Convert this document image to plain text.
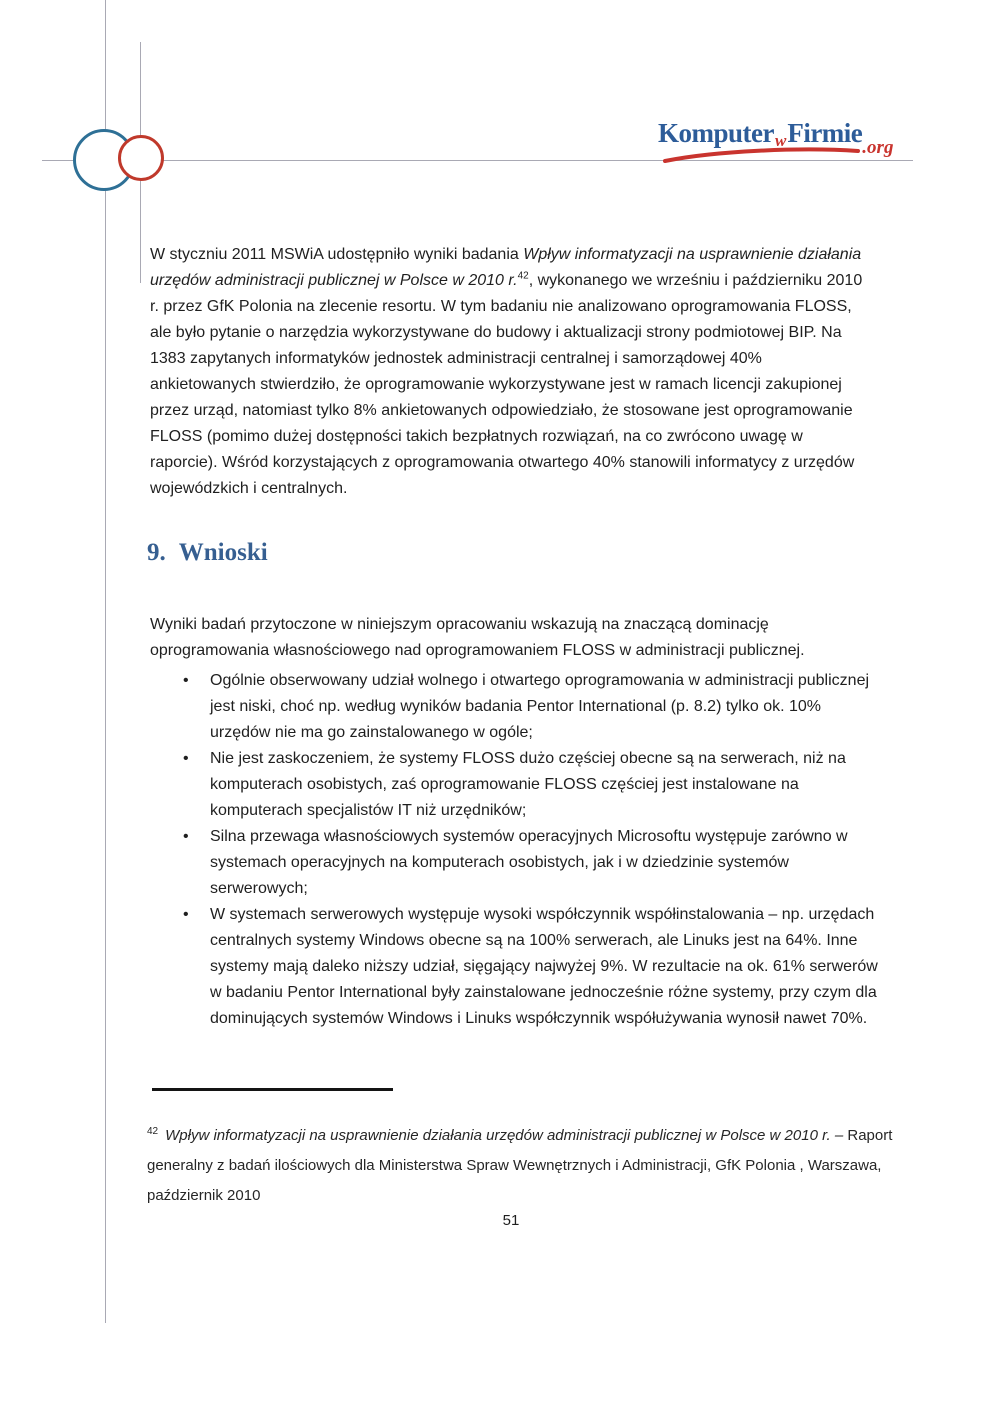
KomputerwFirmie.org

W styczniu 2011 MSWiA udostępniło wyniki badania Wpływ informatyzacji na usprawnienie działania urzędów administracji publicznej w Polsce w 2010 r.$^{42}$, wykonanego we wrześniu i październiku 2010 r. przez GfK Polonia na zlecenie resortu. W tym badaniu nie analizowano oprogramowania FLOSS, ale było pytanie o narzędzia wykorzystywane do budowy i aktualizacji strony podmiotowej BIP. Na 1383 zapytanych informatyków jednostek administracji centralnej i samorządowej 40% ankietowanych stwierdziło, że oprogramowanie wykorzystywane jest w ramach licencji zakupionej przez urząd, natomiast tylko 8% ankietowanych odpowiedziało, że stosowane jest oprogramowanie FLOSS (pomimo dużej dostępności takich bezpłatnych rozwiązań, na co zwrócono uwagę w raporcie). Wśród korzystających z oprogramowania otwartego 40% stanowili informatycy z urzędów wojewódzkich i centralnych.

9. Wnioski

Wyniki badań przytoczone w niniejszym opracowaniu wskazują na znaczącą dominację oprogramowania własnościowego nad oprogramowaniem FLOSS w administracji publicznej.

•	Ogólnie obserwowany udział wolnego i otwartego oprogramowania w administracji publicznej jest niski, choć np. według wyników badania Pentor International (p. 8.2) tylko ok. 10% urzędów nie ma go zainstalowanego w ogóle;
•	Nie jest zaskoczeniem, że systemy FLOSS dużo częściej obecne są na serwerach, niż na komputerach osobistych, zaś oprogramowanie FLOSS częściej jest instalowane na komputerach specjalistów IT niż urzędników;
•	Silna przewaga własnościowych systemów operacyjnych Microsoftu występuje zarówno w systemach operacyjnych na komputerach osobistych, jak i w dziedzinie systemów serwerowych;
•	W systemach serwerowych występuje wysoki współczynnik współinstalowania – np. urzędach centralnych systemy Windows obecne są na 100% serwerach, ale Linuks jest na 64%. Inne systemy mają daleko niższy udział, sięgający najwyżej 9%. W rezultacie na ok. 61% serwerów w badaniu Pentor International były zainstalowane jednocześnie różne systemy, przy czym dla dominujących systemów Windows i Linuks współczynnik współużywania wynosił nawet 70%.

$^{42}$ Wpływ informatyzacji na usprawnienie działania urzędów administracji publicznej w Polsce w 2010 r. – Raport generalny z badań ilościowych dla Ministerstwa Spraw Wewnętrznych i Administracji, GfK Polonia , Warszawa, październik 2010

51
